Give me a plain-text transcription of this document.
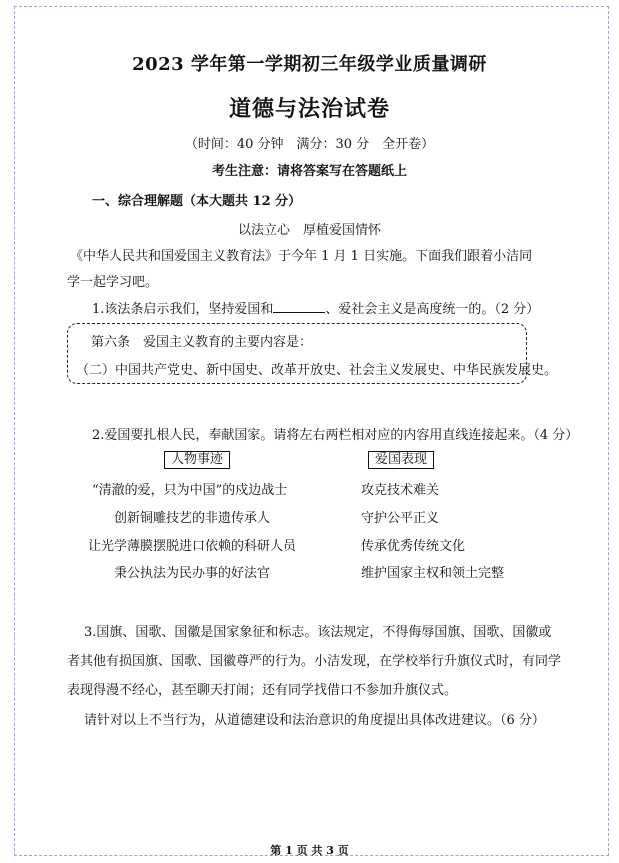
2023 学年第一学期初三年级学业质量调研
道德与法治试卷
（时间：40 分钟　满分：30 分　全开卷）
考生注意：请将答案写在答题纸上
一、综合理解题（本大题共 12 分）
以法立心　厚植爱国情怀
《中华人民共和国爱国主义教育法》于今年 1 月 1 日实施。下面我们跟着小洁同
学一起学习吧。
1.该法条启示我们，坚持爱国和	、爱社会主义是高度统一的。（2 分）
第六条　爱国主义教育的主要内容是：
（二）中国共产党史、新中国史、改革开放史、社会主义发展史、中华民族发展史。
2.爱国要扎根人民，奉献国家。请将左右两栏相对应的内容用直线连接起来。（4 分）
人物事迹	爱国表现
“清澈的爱，只为中国”的戍边战士
创新铜雕技艺的非遗传承人
让光学薄膜摆脱进口依赖的科研人员
秉公执法为民办事的好法官
攻克技术难关
守护公平正义
传承优秀传统文化
维护国家主权和领土完整
3.国旗、国歌、国徽是国家象征和标志。该法规定，不得侮辱国旗、国歌、国徽或
者其他有损国旗、国歌、国徽尊严的行为。小洁发现，在学校举行升旗仪式时，有同学
表现得漫不经心，甚至聊天打闹；还有同学找借口不参加升旗仪式。
请针对以上不当行为，从道德建设和法治意识的角度提出具体改进建议。（6 分）
第 1 页 共 3 页
